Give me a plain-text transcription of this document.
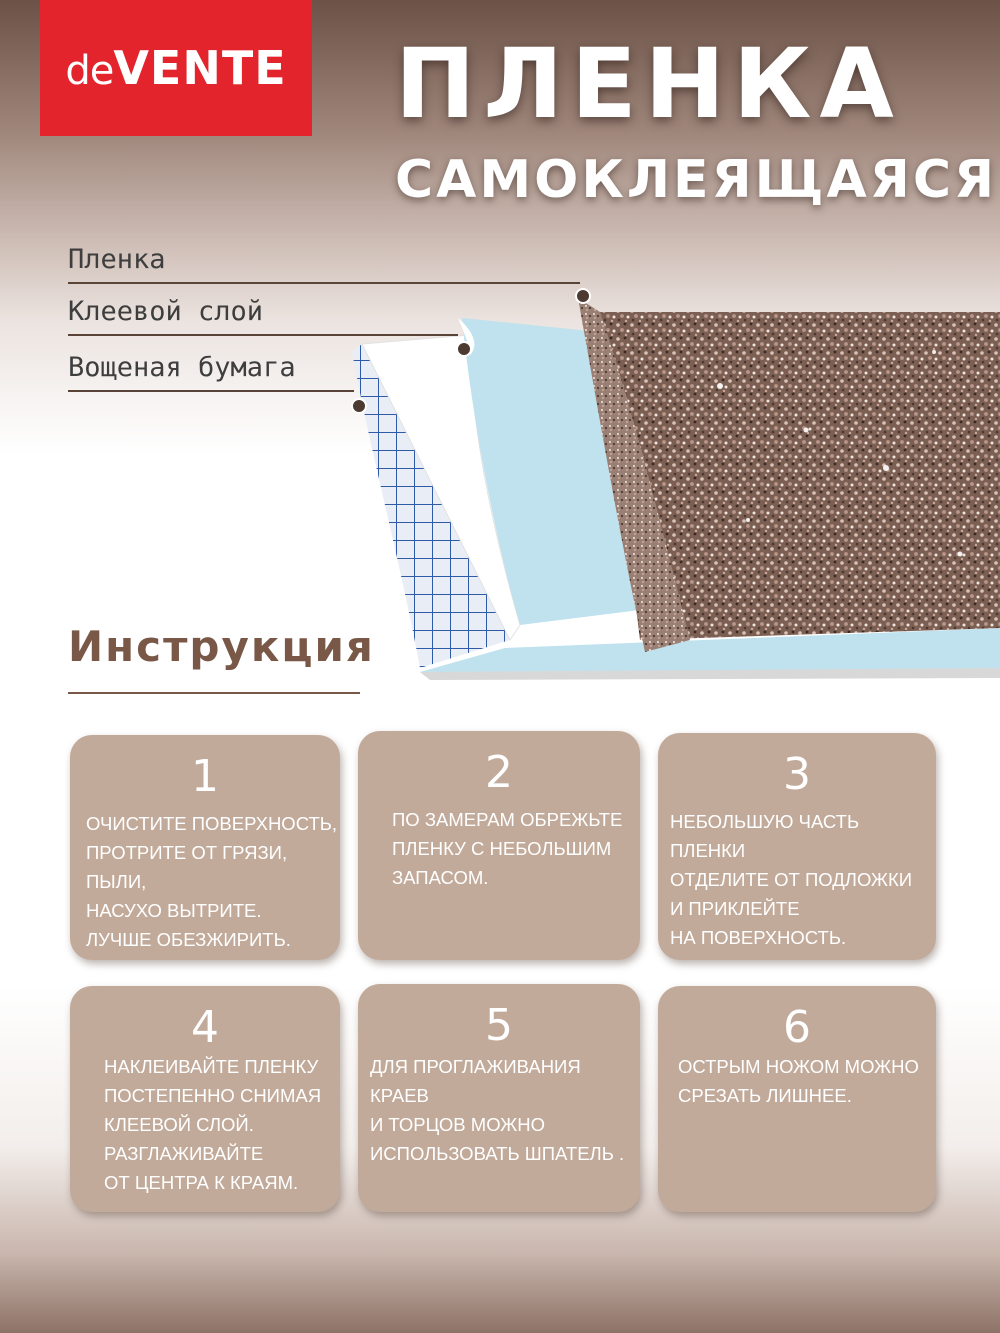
de VENTE ПЛЕНКА
САМОКЛЕЯЩАЯСЯ
Пленка
Клеевой слой
Вощеная бумага
Инструкция
1
ОЧИСТИТЕ ПОВЕРХНОСТЬ,
ПРОТРИТЕ ОТ ГРЯЗИ, ПЫЛИ,
НАСУХО ВЫТРИТЕ.
ЛУЧШЕ ОБЕЗЖИРИТЬ.
2
ПО ЗАМЕРАМ ОБРЕЖЬТЕ
ПЛЕНКУ С НЕБОЛЬШИМ
ЗАПАСОМ.
3
НЕБОЛЬШУЮ ЧАСТЬ ПЛЕНКИ
ОТДЕЛИТЕ ОТ ПОДЛОЖКИ
И ПРИКЛЕЙТЕ
НА ПОВЕРХНОСТЬ.
4
НАКЛЕИВАЙТЕ ПЛЕНКУ
ПОСТЕПЕННО СНИМАЯ
КЛЕЕВОЙ СЛОЙ.
РАЗГЛАЖИВАЙТЕ
ОТ ЦЕНТРА К КРАЯМ.
5
ДЛЯ ПРОГЛАЖИВАНИЯ КРАЕВ
И ТОРЦОВ МОЖНО
ИСПОЛЬЗОВАТЬ ШПАТЕЛЬ .
6
ОСТРЫМ НОЖОМ МОЖНО
СРЕЗАТЬ ЛИШНЕЕ.
